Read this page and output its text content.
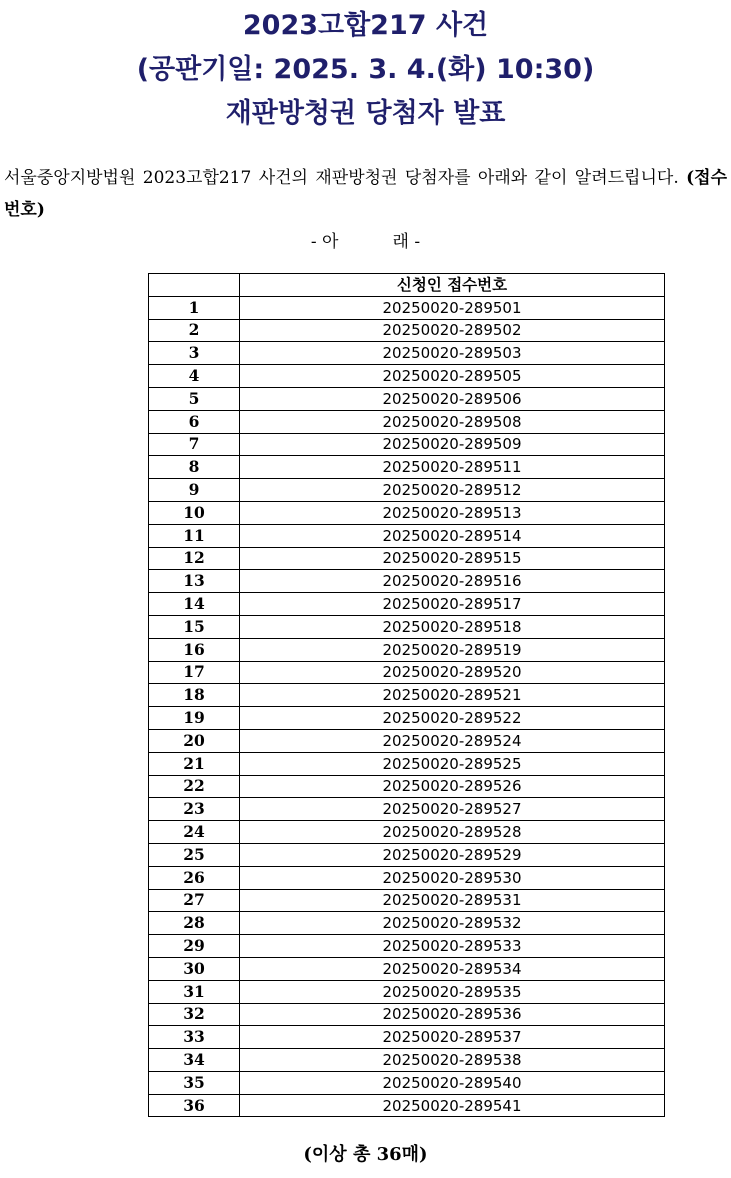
2023고합217 사건
(공판기일: 2025. 3. 4.(화) 10:30)
재판방청권 당첨자 발표
서울중앙지방법원 2023고합217 사건의 재판방청권 당첨자를 아래와 같이 알려드립니다. (접수번호)
- 아          래 -
	신청인 접수번호
1	20250020-289501
2	20250020-289502
3	20250020-289503
4	20250020-289505
5	20250020-289506
6	20250020-289508
7	20250020-289509
8	20250020-289511
9	20250020-289512
10	20250020-289513
11	20250020-289514
12	20250020-289515
13	20250020-289516
14	20250020-289517
15	20250020-289518
16	20250020-289519
17	20250020-289520
18	20250020-289521
19	20250020-289522
20	20250020-289524
21	20250020-289525
22	20250020-289526
23	20250020-289527
24	20250020-289528
25	20250020-289529
26	20250020-289530
27	20250020-289531
28	20250020-289532
29	20250020-289533
30	20250020-289534
31	20250020-289535
32	20250020-289536
33	20250020-289537
34	20250020-289538
35	20250020-289540
36	20250020-289541
(이상 총 36매)
